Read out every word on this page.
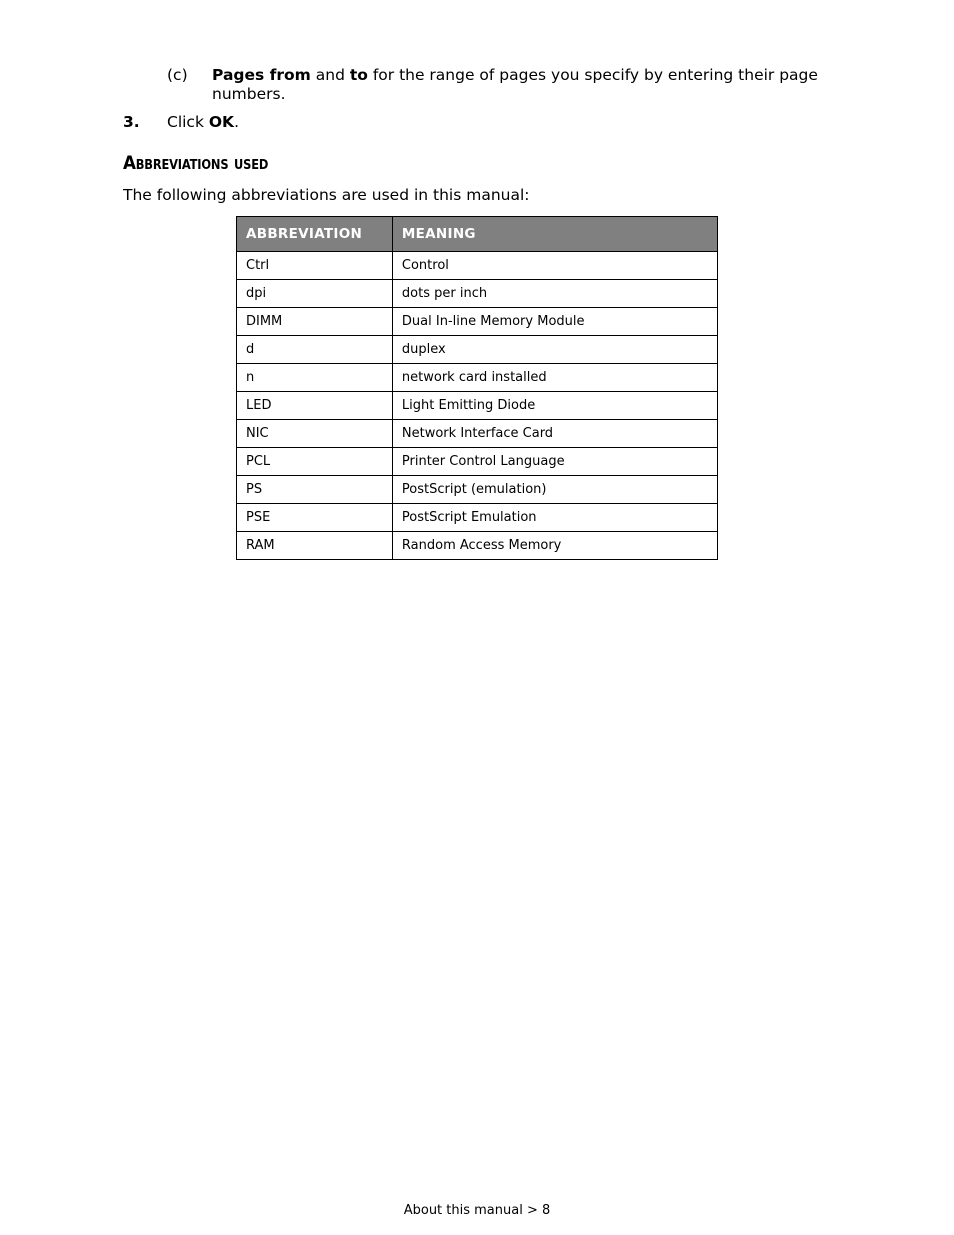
(c) Pages from and to for the range of pages you specify by entering their page numbers.
3. Click OK.
Abbreviations used

The following abbreviations are used in this manual:

ABBREVIATION	MEANING
Ctrl	Control
dpi	dots per inch
DIMM	Dual In-line Memory Module
d	duplex
n	network card installed
LED	Light Emitting Diode
NIC	Network Interface Card
PCL	Printer Control Language
PS	PostScript (emulation)
PSE	PostScript Emulation
RAM	Random Access Memory
About this manual > 8
